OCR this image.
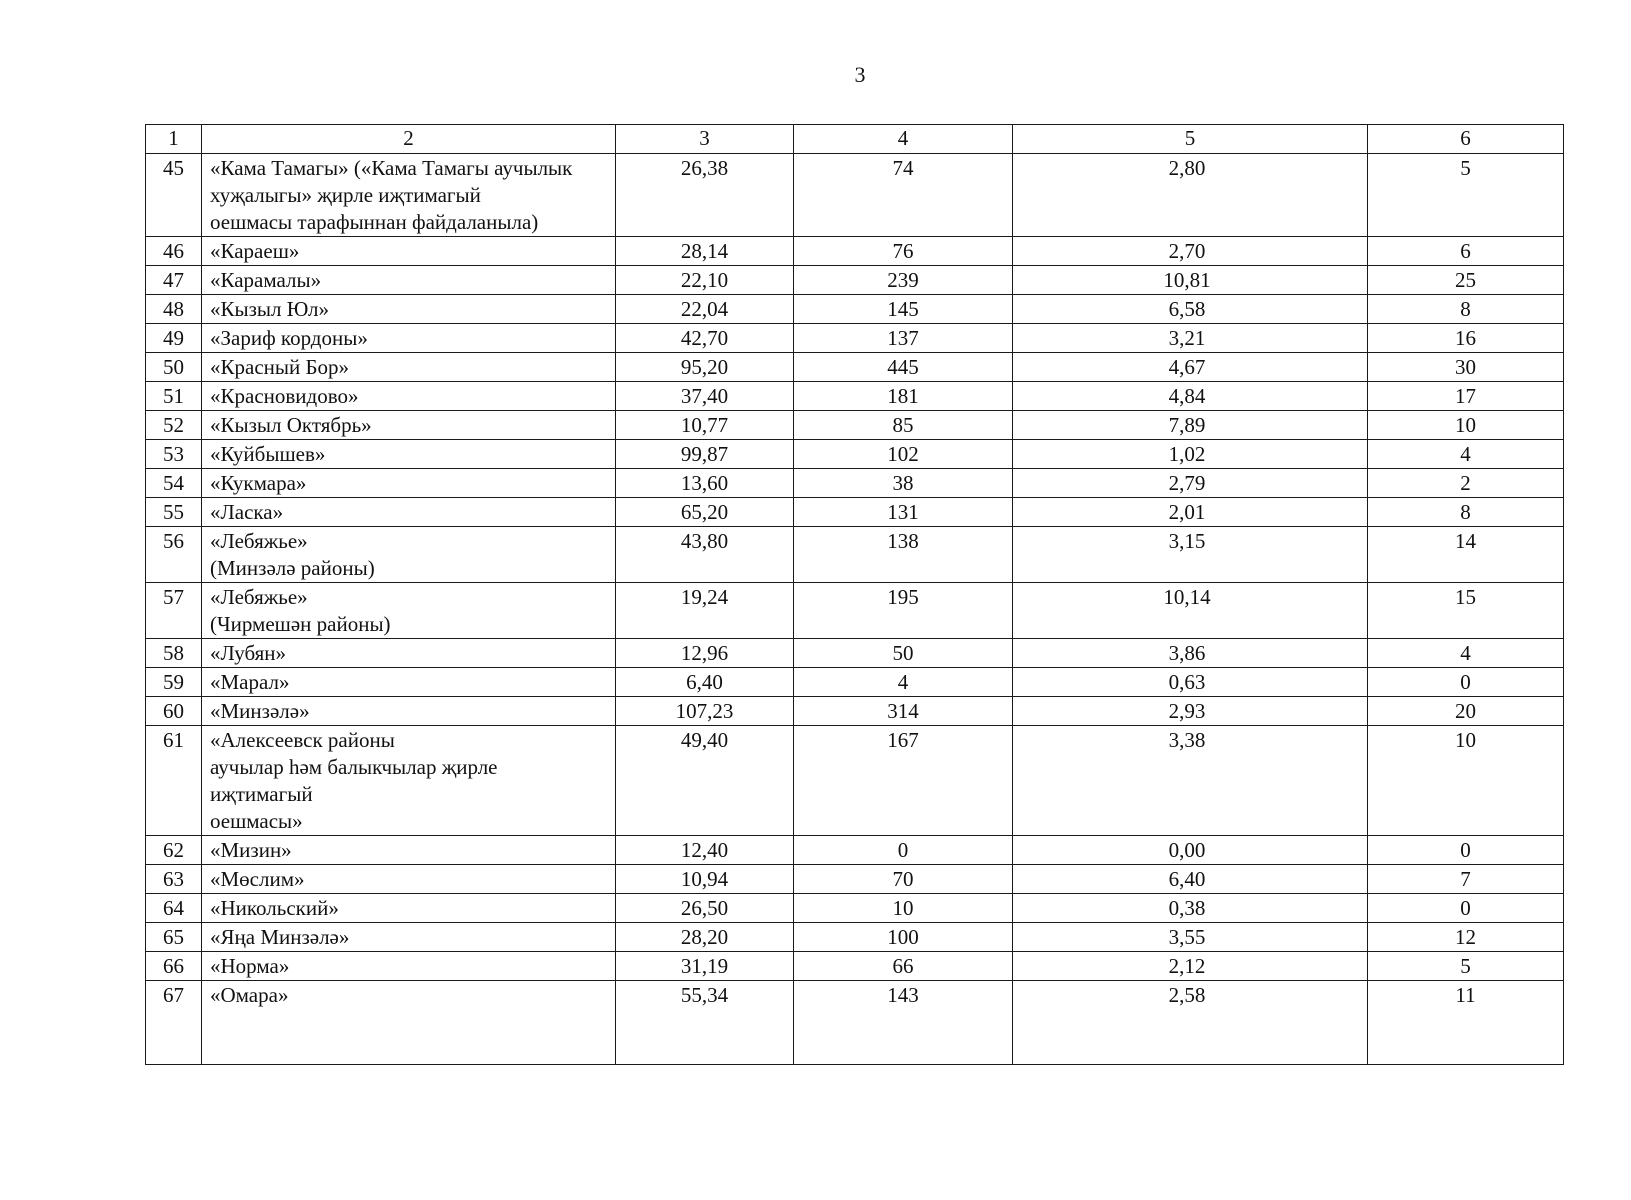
3
1	2	3	4	5	6
45	«Кама Тамагы» («Кама Тамагы аучылык
хуҗалыгы» җирле иҗтимагый
оешмасы тарафыннан файдаланыла)	26,38	74	2,80	5
46	«Караеш»	28,14	76	2,70	6
47	«Карамалы»	22,10	239	10,81	25
48	«Кызыл Юл»	22,04	145	6,58	8
49	«Зариф кордоны»	42,70	137	3,21	16
50	«Красный Бор»	95,20	445	4,67	30
51	«Красновидово»	37,40	181	4,84	17
52	«Кызыл Октябрь»	10,77	85	7,89	10
53	«Куйбышев»	99,87	102	1,02	4
54	«Кукмара»	13,60	38	2,79	2
55	«Ласка»	65,20	131	2,01	8
56	«Лебяжье»
(Минзәлә районы)	43,80	138	3,15	14
57	«Лебяжье»
(Чирмешән районы)	19,24	195	10,14	15
58	«Лубян»	12,96	50	3,86	4
59	«Марал»	6,40	4	0,63	0
60	«Минзәлә»	107,23	314	2,93	20
61	«Алексеевск районы
аучылар һәм балыкчылар җирле
иҗтимагый
оешмасы»	49,40	167	3,38	10
62	«Мизин»	12,40	0	0,00	0
63	«Мөслим»	10,94	70	6,40	7
64	«Никольский»	26,50	10	0,38	0
65	«Яңа Минзәлә»	28,20	100	3,55	12
66	«Норма»	31,19	66	2,12	5
67	«Омара»	55,34	143	2,58	11
